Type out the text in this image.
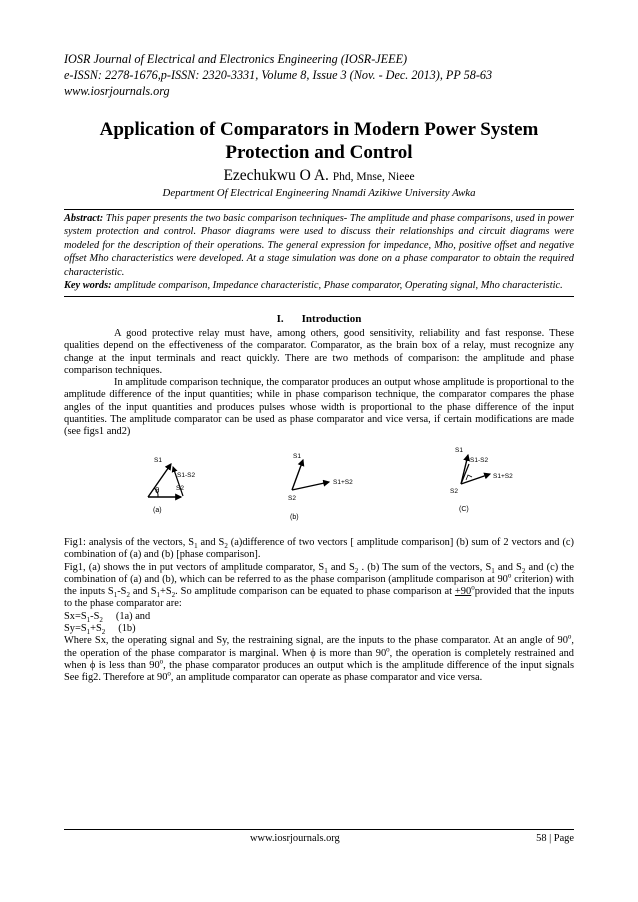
IOSR Journal of Electrical and Electronics Engineering (IOSR-JEEE)
e-ISSN: 2278-1676,p-ISSN: 2320-3331, Volume 8, Issue 3 (Nov. - Dec. 2013), PP 58-63
www.iosrjournals.org
Application of Comparators in Modern Power System Protection and Control
Ezechukwu O A. Phd, Mnse, Nieee
Department Of Electrical Engineering Nnamdi Azikiwe University Awka
Abstract: This paper presents the two basic comparison techniques- The amplitude and phase comparisons, used in power system protection and control. Phasor diagrams were used to discuss their relationships and circuit diagrams were modeled for the description of their operations. The general expression for impedance, Mho, positive offset and negative offset Mho characteristics were developed. At a stage simulation was done on a phase comparator to obtain the required characteristic.
Key words: amplitude comparison, Impedance characteristic, Phase comparator, Operating signal, Mho characteristic.
I. Introduction

A good protective relay must have, among others, good sensitivity, reliability and fast response. These qualities depend on the effectiveness of the comparator. Comparator, as the brain box of a relay, must recognize any change at the input terminals and react quickly. There are two methods of comparison: the amplitude and phase comparison techniques.

In amplitude comparison technique, the comparator produces an output whose amplitude is proportional to the amplitude difference of the input quantities; while in phase comparison technique, the comparator compares the phase angles of the input quantities and produces pulses whose width is proportional to the phase difference of the input quantities. The amplitude comparator can be used as phase comparator and vice versa, if certain modifications are made (see figs1 and2)

S1
S1-S2
θ	S2
(a)
S1
S1+S2
S2
(b)
S1
S1-S2
S1+S2
S2
(C)
Fig1: analysis of the vectors, $S_1$ and $S_2$ (a)difference of two vectors [ amplitude comparison] (b) sum of 2 vectors and (c) combination of (a) and (b) [phase comparison].
Fig1, (a) shows the in put vectors of amplitude comparator, $S_1$ and $S_2$ . (b) The sum of the vectors, $S_1$ and $S_2$ and (c) the combination of (a) and (b), which can be referred to as the phase comparison (amplitude comparison at 90$^o$ criterion) with the inputs $S_1-S_2$ and $S_1+S_2$. So amplitude comparison can be equated to phase comparison at $+90^oprovided$ that the inputs to the phase comparator are:
$Sx=S_1-S_2$ (1a) and
$Sy=S_1+S_2$ (1b)
Where Sx, the operating signal and Sy, the restraining signal, are the inputs to the phase comparator. At an angle of 90$^o$, the operation of the phase comparator is marginal. When ϕ is more than 90$^o$, the operation is completely restrained and when ϕ is less than 90$^o$, the phase comparator produces an output which is the amplitude difference of the input signals See fig2. Therefore at 90$^o$, an amplitude comparator can operate as phase comparator and vice versa.
www.iosrjournals.org	58 | Page
